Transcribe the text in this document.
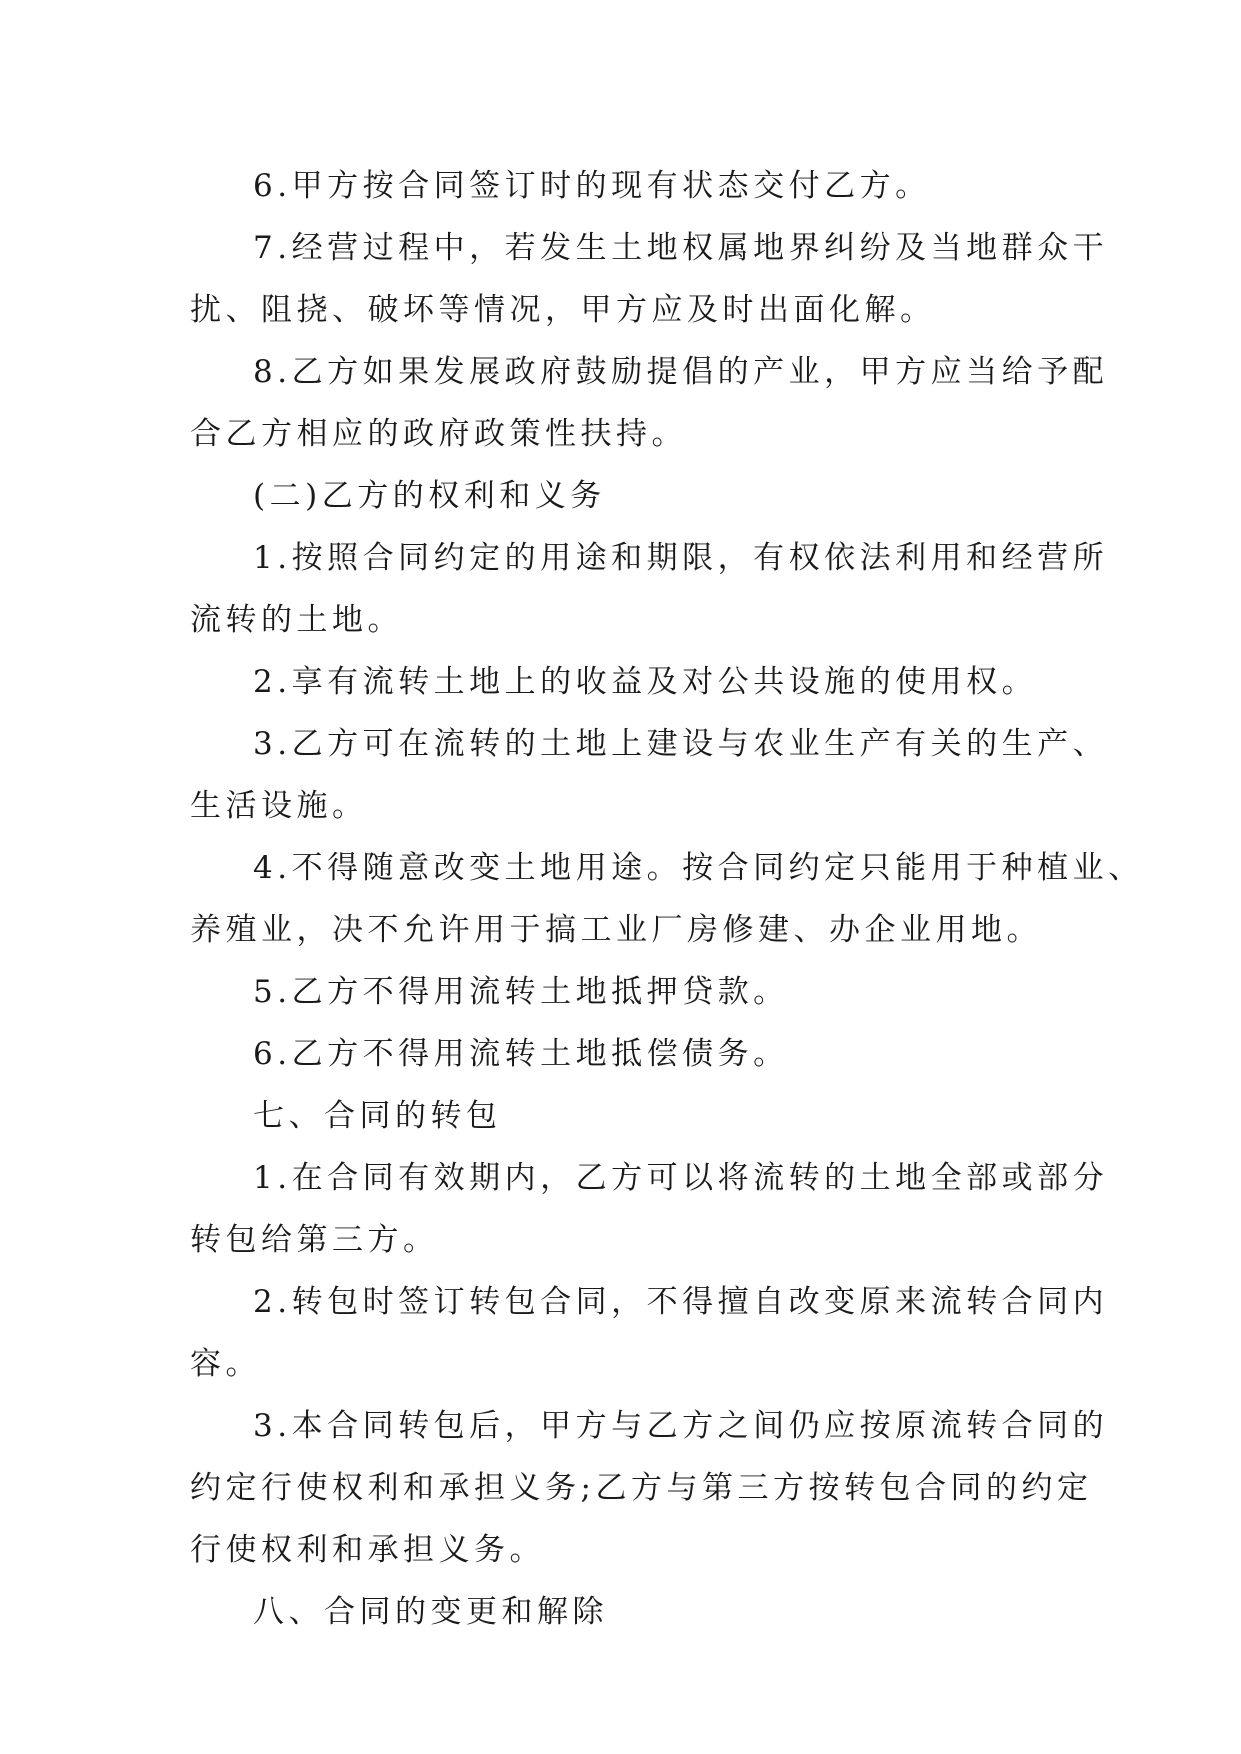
6.甲方按合同签订时的现有状态交付乙方。
7.经营过程中，若发生土地权属地界纠纷及当地群众干
扰、阻挠、破坏等情况，甲方应及时出面化解。
8.乙方如果发展政府鼓励提倡的产业，甲方应当给予配
合乙方相应的政府政策性扶持。
(二)乙方的权利和义务
1.按照合同约定的用途和期限，有权依法利用和经营所
流转的土地。
2.享有流转土地上的收益及对公共设施的使用权。
3.乙方可在流转的土地上建设与农业生产有关的生产、
生活设施。
4.不得随意改变土地用途。按合同约定只能用于种植业、
养殖业，决不允许用于搞工业厂房修建、办企业用地。
5.乙方不得用流转土地抵押贷款。
6.乙方不得用流转土地抵偿债务。
七、合同的转包
1.在合同有效期内，乙方可以将流转的土地全部或部分
转包给第三方。
2.转包时签订转包合同，不得擅自改变原来流转合同内
容。
3.本合同转包后，甲方与乙方之间仍应按原流转合同的
约定行使权利和承担义务;乙方与第三方按转包合同的约定
行使权利和承担义务。
八、合同的变更和解除
